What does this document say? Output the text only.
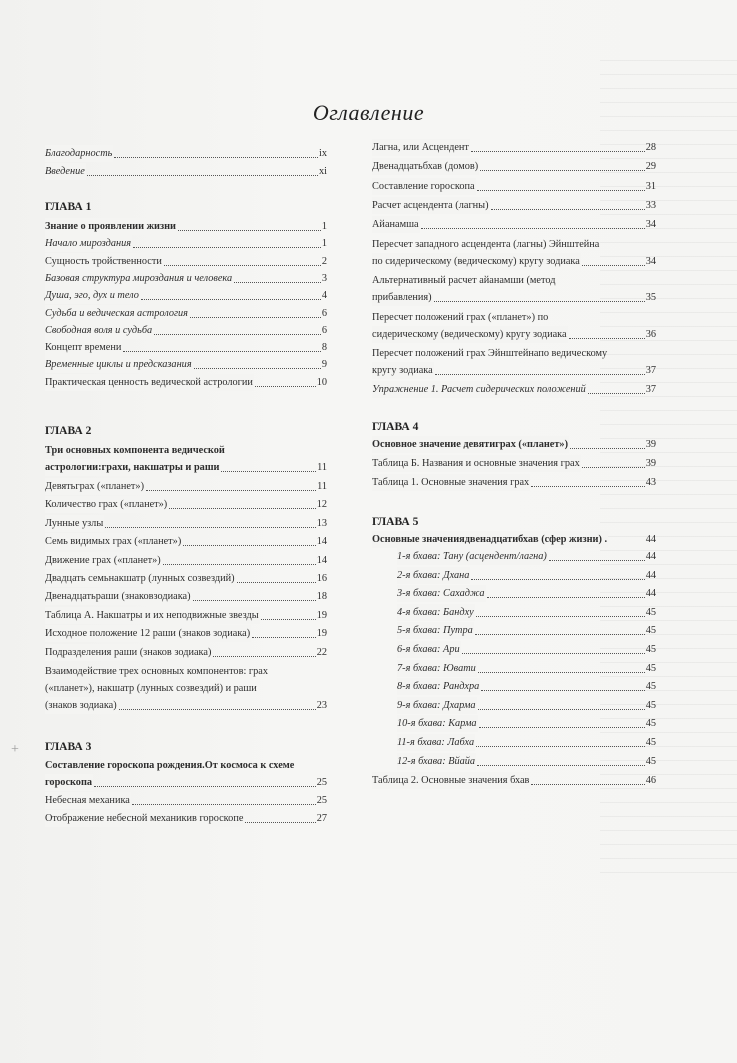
+
Оглавление
Благодарность	ix
Введение	xi
ГЛАВА 1
Знание о проявлении жизни	1
Начало мироздания	1
Сущность тройственности	2
Базовая структура мироздания и человека	3
Душа, эго, дух и тело	4
Судьба и ведическая астрология	6
Свободная воля и судьба	6
Концепт времени	8
Временные циклы и предсказания	9
Практическая ценность ведической астрологии	10
ГЛАВА 2
Три основных компонента ведической
астрологии:грахи, накшатры и раши	11
Девятьграх («планет»)	11
Количество грах («планет»)	12
Лунные узлы	13
Семь видимых грах («планет»)	14
Движение грах («планет»)	14
Двадцать семьнакшатр (лунных созвездий)	16
Двенадцатьраши (знаковзодиака)	18
Таблица А. Накшатры и их неподвижные звезды	19
Исходное положение 12 раши (знаков зодиака)	19
Подразделения раши (знаков зодиака)	22
Взаимодействие трех основных компонентов: грах
(«планет»), накшатр (лунных созвездий) и раши
(знаков зодиака)	23
ГЛАВА 3
Составление гороскопа рождения.От космоса к схеме
гороскопа	25
Небесная механика	25
Отображение небесной механикив гороскопе	27
Лагна, или Асцендент	28
Двенадцатьбхав (домов)	29
Составление гороскопа	31
Расчет асцендента (лагны)	33
Айанамша	34
Пересчет западного асцендента (лагны) Эйнштейна
по сидерическому (ведическому) кругу зодиака	34
Альтернативный расчет айанамши (метод
прибавления)	35
Пересчет положений грах («планет») по
сидерическому (ведическому) кругу зодиака	36
Пересчет положений грах Эйнштейнапо ведическому
кругу зодиака	37
Упражнение 1. Расчет сидерических положений	37
ГЛАВА 4
Основное значение девятиграх («планет»)	39
Таблица Б. Названия и основные значения грах	39
Таблица 1. Основные значения грах	43
ГЛАВА 5
Основные значениядвенадцатибхав (сфер жизни) .	44
1-я бхава: Тану (асцендент/лагна)	44
2-я бхава: Дхана	44
3-я бхава: Сахаджа	44
4-я бхава: Бандху	45
5-я бхава: Путра	45
6-я бхава: Ари	45
7-я бхава: Ювати	45
8-я бхава: Рандхра	45
9-я бхава: Дхарма	45
10-я бхава: Карма	45
11-я бхава: Лабха	45
12-я бхава: Вйайа	45
Таблица 2. Основные значения бхав	46
